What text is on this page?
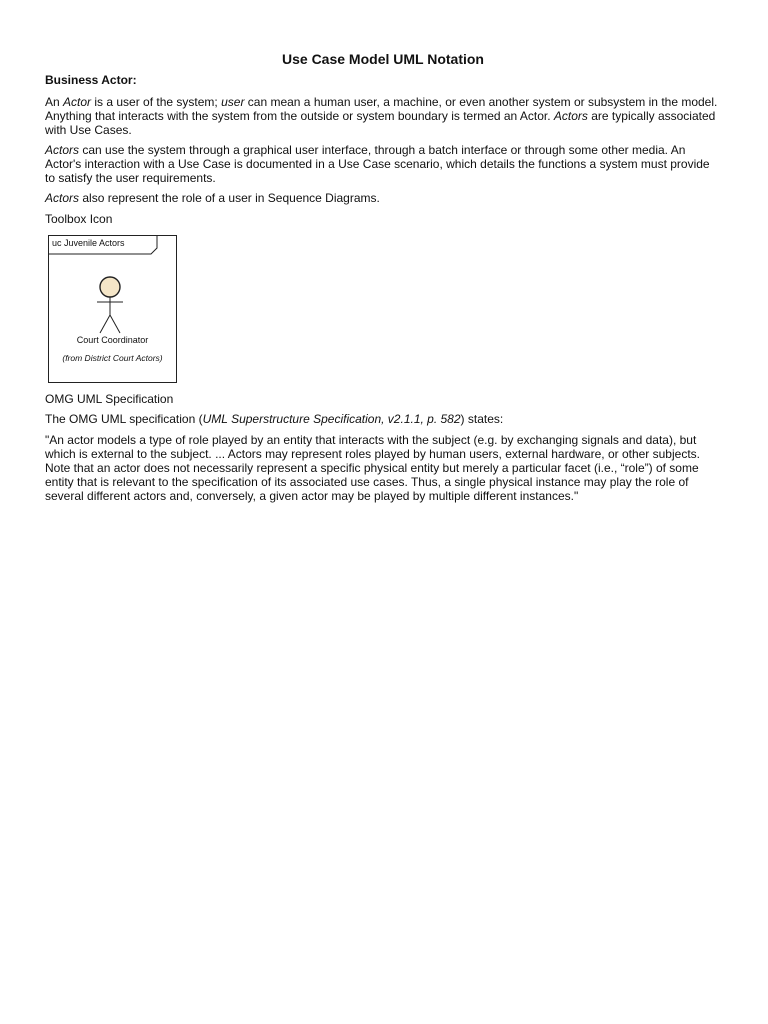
Use Case Model UML Notation
Business Actor:
An Actor is a user of the system; user can mean a human user, a machine, or even another system or subsystem in the model. Anything that interacts with the system from the outside or system boundary is termed an Actor. Actors are typically associated with Use Cases.
Actors can use the system through a graphical user interface, through a batch interface or through some other media. An Actor's interaction with a Use Case is documented in a Use Case scenario, which details the functions a system must provide to satisfy the user requirements.
Actors also represent the role of a user in Sequence Diagrams.
Toolbox Icon
OMG UML Specification
The OMG UML specification (UML Superstructure Specification, v2.1.1, p. 582) states:
"An actor models a type of role played by an entity that interacts with the subject (e.g. by exchanging signals and data), but which is external to the subject. ... Actors may represent roles played by human users, external hardware, or other subjects. Note that an actor does not necessarily represent a specific physical entity but merely a particular facet (i.e., “role”) of some entity that is relevant to the specification of its associated use cases. Thus, a single physical instance may play the role of several different actors and, conversely, a given actor may be played by multiple different instances."
uc Juvenile Actors
Court Coordinator
(from District Court Actors)
